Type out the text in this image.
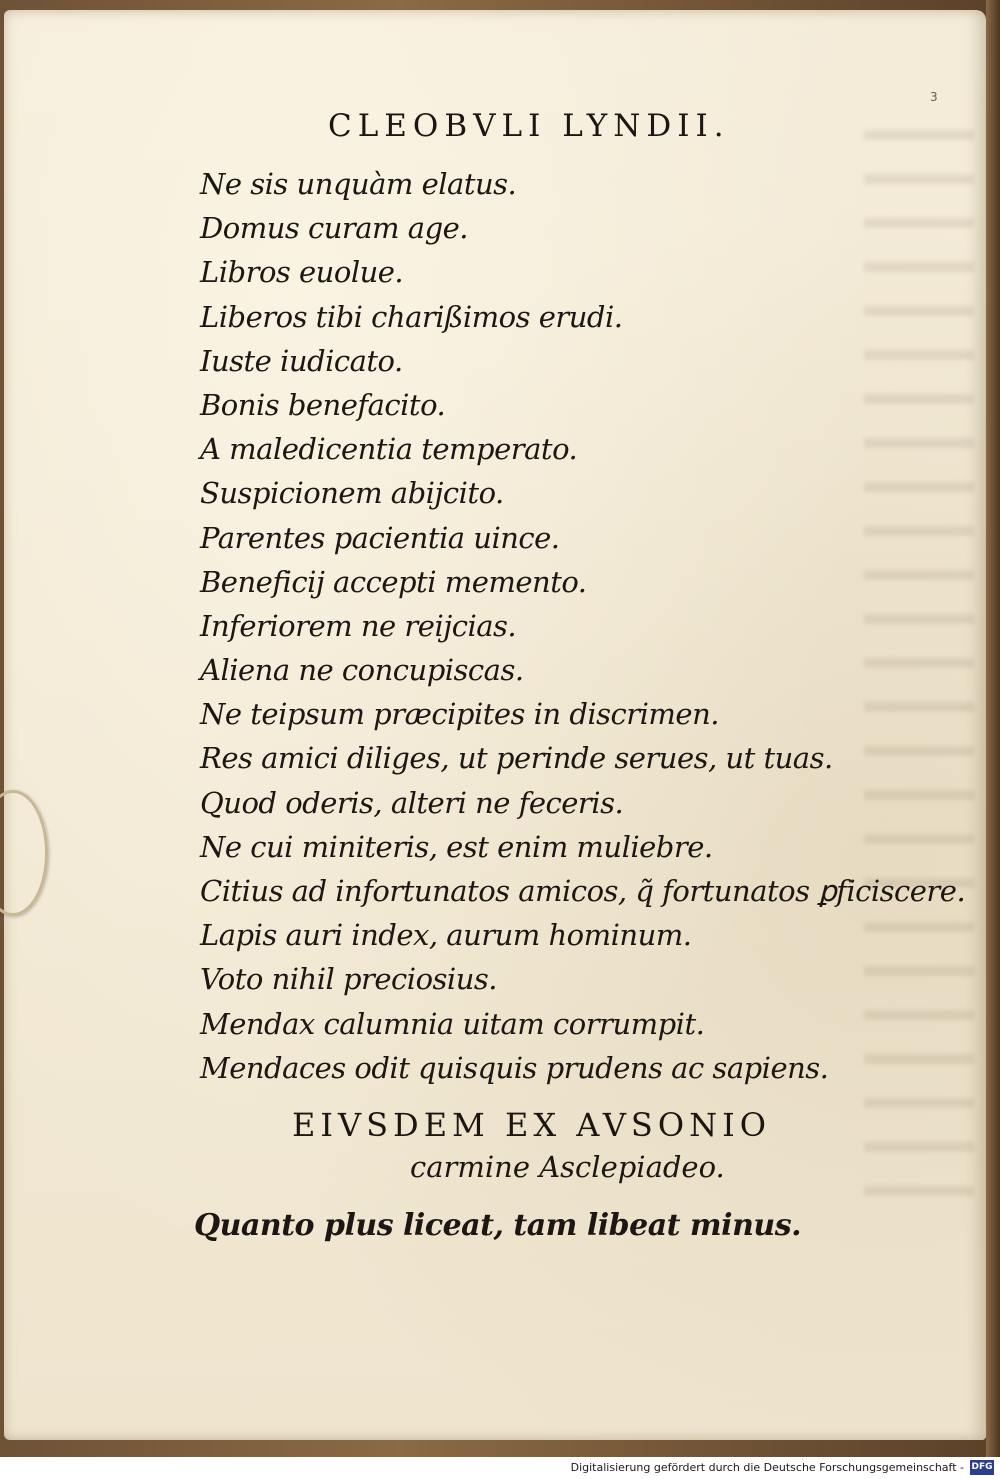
3
CLEOBVLI LYNDII.
Ne sis unquàm elatus.
Domus curam age.
Libros euolue.
Liberos tibi charißimos erudi.
Iuste iudicato.
Bonis benefacito.
A maledicentia temperato.
Suspicionem abijcito.
Parentes pacientia uince.
Beneficij accepti memento.
Inferiorem ne reijcias.
Aliena ne concupiscas.
Ne teipsum præcipites in discrimen.
Res amici diliges, ut perinde serues, ut tuas.
Quod oderis, alteri ne feceris.
Ne cui miniteris, est enim muliebre.
Citius ad infortunatos amicos, q̃ fortunatos ꝑficiscere.
Lapis auri index, aurum hominum.
Voto nihil preciosius.
Mendax calumnia uitam corrumpit.
Mendaces odit quisquis prudens ac sapiens.
EIVSDEM EX AVSONIO
carmine Asclepiadeo.
Quanto plus liceat, tam libeat minus.
Digitalisierung gefördert durch die Deutsche Forschungsgemeinschaft - DFG
